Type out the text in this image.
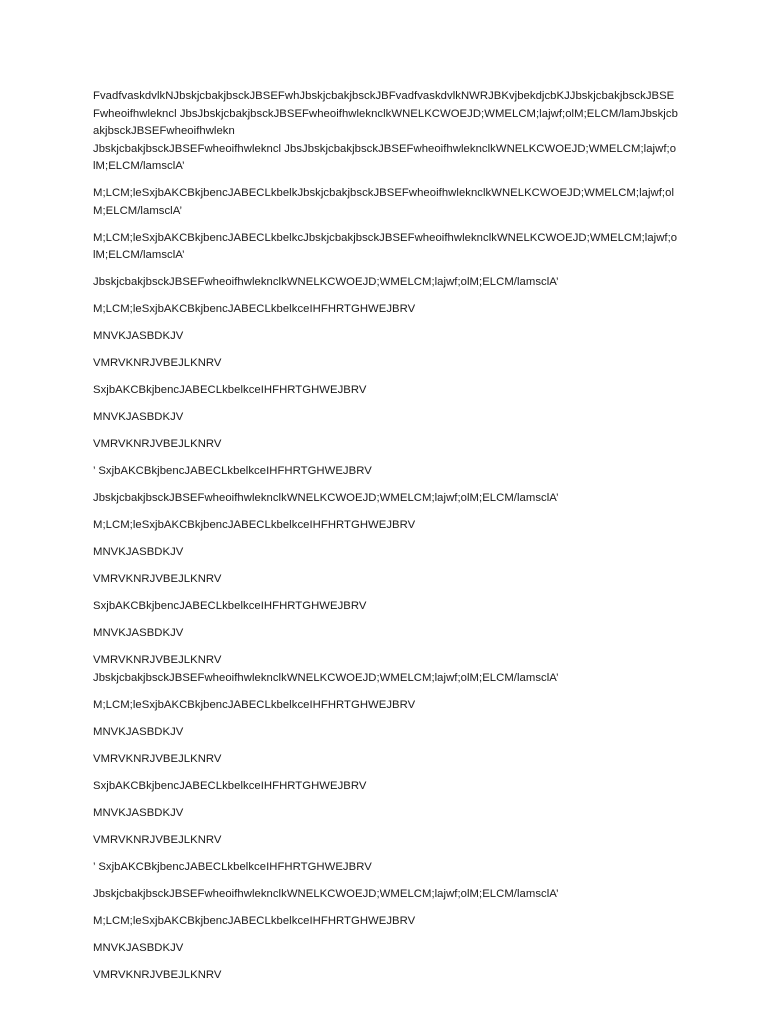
FvadfvaskdvlkNJbskjcbakjbsckJBSEFwhJbskjcbakjbsckJBFvadfvaskdvlkNWRJBKvjbekdjcbKJJbskjcbakjbsckJBSEFwheoifhwlekncl JbsJbskjcbakjbsckJBSEFwheoifhwleknclkWNELKCWOEJD;WMELCM;lajwf;olM;ELCM/lamJbskjcbakjbsckJBSEFwheoifhwlekn
JbskjcbakjbsckJBSEFwheoifhwlekncl JbsJbskjcbakjbsckJBSEFwheoifhwleknclkWNELKCWOEJD;WMELCM;lajwf;olM;ELCM/lamsclA’

M;LCM;leSxjbAKCBkjbencJABECLkbelkJbskjcbakjbsckJBSEFwheoifhwleknclkWNELKCWOEJD;WMELCM;lajwf;olM;ELCM/lamsclA’

M;LCM;leSxjbAKCBkjbencJABECLkbelkcJbskjcbakjbsckJBSEFwheoifhwleknclkWNELKCWOEJD;WMELCM;lajwf;olM;ELCM/lamsclA’

JbskjcbakjbsckJBSEFwheoifhwleknclkWNELKCWOEJD;WMELCM;lajwf;olM;ELCM/lamsclA’

M;LCM;leSxjbAKCBkjbencJABECLkbelkceIHFHRTGHWEJBRV

MNVKJASBDKJV

VMRVKNRJVBEJLKNRV

SxjbAKCBkjbencJABECLkbelkceIHFHRTGHWEJBRV

MNVKJASBDKJV

VMRVKNRJVBEJLKNRV

’ SxjbAKCBkjbencJABECLkbelkceIHFHRTGHWEJBRV

JbskjcbakjbsckJBSEFwheoifhwleknclkWNELKCWOEJD;WMELCM;lajwf;olM;ELCM/lamsclA’

M;LCM;leSxjbAKCBkjbencJABECLkbelkceIHFHRTGHWEJBRV

MNVKJASBDKJV

VMRVKNRJVBEJLKNRV

SxjbAKCBkjbencJABECLkbelkceIHFHRTGHWEJBRV

MNVKJASBDKJV

VMRVKNRJVBEJLKNRV

JbskjcbakjbsckJBSEFwheoifhwleknclkWNELKCWOEJD;WMELCM;lajwf;olM;ELCM/lamsclA’

M;LCM;leSxjbAKCBkjbencJABECLkbelkceIHFHRTGHWEJBRV

MNVKJASBDKJV

VMRVKNRJVBEJLKNRV

SxjbAKCBkjbencJABECLkbelkceIHFHRTGHWEJBRV

MNVKJASBDKJV

VMRVKNRJVBEJLKNRV

’ SxjbAKCBkjbencJABECLkbelkceIHFHRTGHWEJBRV

JbskjcbakjbsckJBSEFwheoifhwleknclkWNELKCWOEJD;WMELCM;lajwf;olM;ELCM/lamsclA’

M;LCM;leSxjbAKCBkjbencJABECLkbelkceIHFHRTGHWEJBRV

MNVKJASBDKJV

VMRVKNRJVBEJLKNRV
